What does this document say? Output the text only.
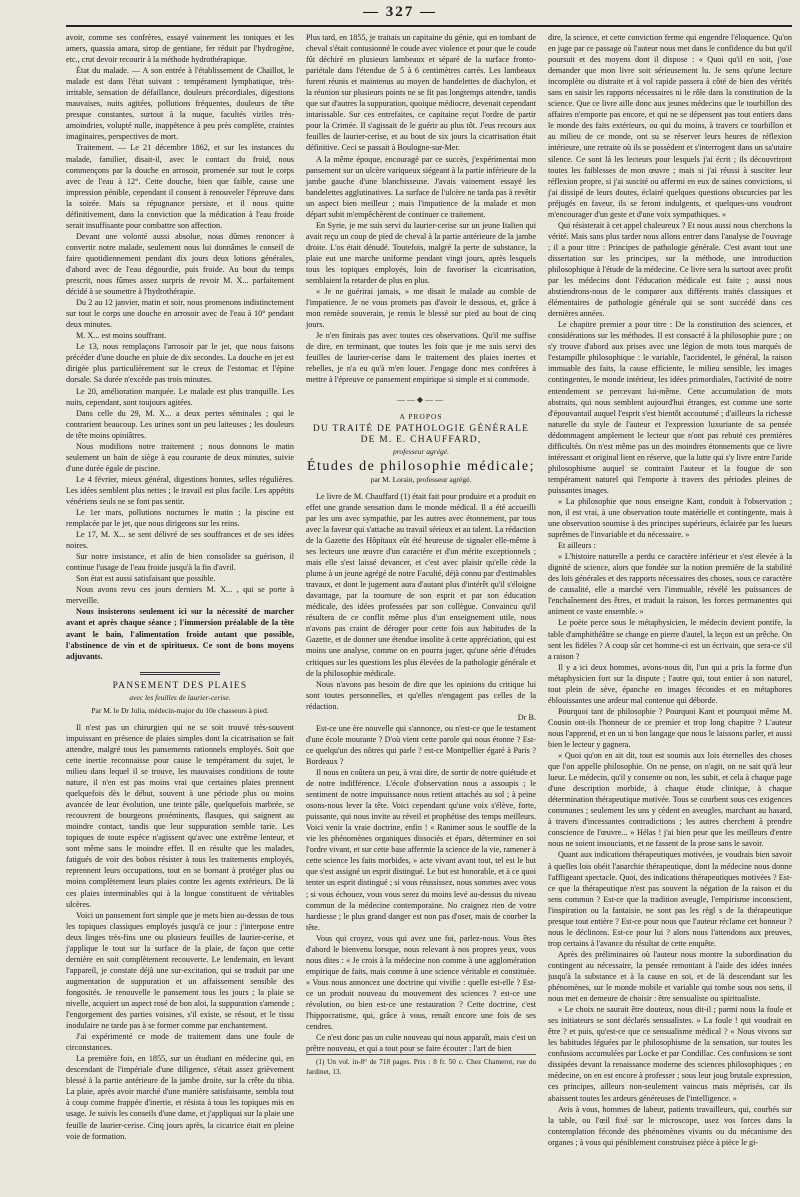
— 327 —

avoir, comme ses confrères, essayé vainement les toniques et les amers, quassia amara, sirop de gentiane, fer réduit par l'hydrogène, etc., crut devoir recourir à la méthode hydrothérapique.

État du malade. — A son entrée à l'établissement de Chaillot, le malade est dans l'état suivant : tempérament lymphatique, très-irritable, sensation de défaillance, douleurs précordiales, digestions mauvaises, nuits agitées, pollutions fréquentes, douleurs de tête presque constantes, surtout à la nuque, facultés viriles très-amoindries, volupté nulle, inappétence à peu près complète, craintes imaginaires, perspectives de mort.

Traitement. — Le 21 décembre 1862, et sur les instances du malade, familier, disait-il, avec le contact du froid, nous commençons par la douche en arrosoir, promenée sur tout le corps avec de l'eau à 12°. Cette douche, bien que faible, cause une impression pénible, cependant il consent à renouveler l'épreuve dans la soirée. Mais sa répugnance persiste, et il nous quitte définitivement, dans la conviction que la médication à l'eau froide serait insuffisante pour combattre son affection.

Devant une volonté aussi absolue, nous dûmes renoncer à convertir notre malade, seulement nous lui donnâmes le conseil de faire quotidiennement pendant dix jours deux lotions générales, d'abord avec de l'eau dégourdie, puis froide. Au bout du temps prescrit, nous fûmes assez surpris de revoir M. X... parfaitement décidé à se soumettre à l'hydrothérapie.

Du 2 au 12 janvier, matin et soir, nous promenons indistinctement sur tout le corps une douche en arrosoir avec de l'eau à 10° pendant deux minutes.

M. X... est moins souffrant.

Le 13, nous remplaçons l'arrosoir par le jet, que nous faisons précéder d'une douche en pluie de dix secondes. La douche en jet est dirigée plus particulièrement sur le creux de l'estomac et l'épine dorsale. Sa durée n'excède pas trois minutes.

Le 20, amélioration marquée. Le malade est plus tranquille. Les nuits, cependant, sont toujours agitées.

Dans celle du 29, M. X... a deux pertes séminales ; qui le contrarient beaucoup. Les urines sont un peu laiteuses ; les douleurs de tête moins opiniâtres.

Nous modifions notre traitement ; nous donnons le matin seulement un bain de siège à eau courante de deux minutes, suivie d'une durée égale de piscine.

Le 4 février, mieux général, digestions bonnes, selles régulières. Les idées semblent plus nettes ; le travail est plus facile. Les appétits vénériens seuls ne se font pas sentir.

Le 1er mars, pollutions nocturnes le matin ; la piscine est remplacée par le jet, que nous dirigeons sur les reins.

Le 17, M. X... se sent délivré de ses souffrances et de ses idées noires.

Sur notre insistance, et afin de bien consolider sa guérison, il continue l'usage de l'eau froide jusqu'à la fin d'avril.

Son état est aussi satisfaisant que possible.

Nous avons revu ces jours derniers M. X... , qui se porte à merveille.

Nous insisterons seulement ici sur la nécessité de marcher avant et après chaque séance ; l'immersion préalable de la tête avant le bain, l'alimentation froide autant que possible, l'abstinence de vin et de spiritueux. Ce sont de bons moyens adjuvants.

PANSEMENT DES PLAIES
avec les feuilles de laurier-cerise.
Par M. le Dr Julia, médecin-major du 10e chasseurs à pied.

Il n'est pas un chirurgien qui ne se soit trouvé très-souvent impuissant en présence de plaies simples dont la cicatrisation se fait attendre, malgré tous les pansements rationnels employés. Soit que cette inertie reconnaisse pour cause le tempérament du sujet, le milieu dans lequel il se trouve, les mauvaises conditions de toute nature, il n'en est pas moins vrai que certaines plaies prennent quelquefois dès le début, souvent à une période plus ou moins avancée de leur évolution, une teinte pâle, quelquefois marbrée, se recouvrent de bourgeons proéminents, flasques, qui saignent au moindre contact, tandis que leur suppuration semble tarie. Les topiques de toute espèce n'agissent qu'avec une extrême lenteur, et sont même sans le moindre effet. Il en résulte que les malades, fatigués de voir des bobos résister à tous les traitements employés, reprennent leurs occupations, tout en se bornant à protéger plus ou moins complètement leurs plaies contre les agents extérieurs. De là ces plaies interminables qui à la longue constituent de véritables ulcères.

Voici un pansement fort simple que je mets bien au-dessus de tous les topiques classiques employés jusqu'à ce jour : j'interpose entre deux linges très-fins une ou plusieurs feuilles de laurier-cerise, et j'applique le tout sur la surface de la plaie, de façon que cette dernière en soit complètement recouverte. Le lendemain, en levant l'appareil, je constate déjà une sur-excitation, qui se traduit par une augmentation de suppuration et un affaissement sensible des fongosités. Je renouvelle le pansement tous les jours ; la plaie se nivelle, acquiert un aspect rosé de bon aloi, la suppuration s'amende ; l'engorgement des parties voisines, s'il existe, se résout, et le tissu inodulaire ne tarde pas à se former comme par enchantement.

J'ai expérimenté ce mode de traitement dans une foule de circonstances.

La première fois, en 1855, sur un étudiant en médecine qui, en descendant de l'impériale d'une diligence, s'était assez grièvement blessé à la partie antérieure de la jambe droite, sur la crête du tibia. La plaie, après avoir marché d'une manière satisfaisante, sembla tout à coup comme frappée d'inertie, et résista à tous les topiques mis en usage. Je suivis les conseils d'une dame, et j'appliquai sur la plaie une feuille de laurier-cerise. Cinq jours après, la cicatrice était en pleine voie de formation.

Plus tard, en 1855, je traitais un capitaine du génie, qui en tombant de cheval s'était contusionné le coude avec violence et pour que le coude fût déchiré en plusieurs lambeaux et séparé de la surface fronto-pariétale dans l'étendue de 5 à 6 centimètres carrés. Les lambeaux furent réunis et maintenus au moyen de bandelettes de diachylon, et la réunion sur plusieurs points ne se fit pas longtemps attendre, tandis que sur d'autres la suppuration, quoique médiocre, devenait cependant intarissable. Sur ces entrefaites, ce capitaine reçut l'ordre de partir pour la Crimée. Il s'agissait de le guérir au plus tôt. J'eus recours aux feuilles de laurier-cerise, et au bout de six jours la cicatrisation était définitive. Ceci se passait à Boulogne-sur-Mer.

A la même époque, encouragé par ce succès, j'expérimentai mon pansement sur un ulcère variqueux siégeant à la partie inférieure de la jambe gauche d'une blanchisseuse. J'avais vainement essayé les bandelettes agglutinatives. La surface de l'ulcère ne tarda pas à revêtir un aspect bien meilleur ; mais l'impatience de la malade et mon départ subit m'empêchèrent de continuer ce traitement.

En Syrie, je me suis servi du laurier-cerise sur un jeune Italien qui avait reçu un coup de pied de cheval à la partie antérieure de la jambe droite. L'os était dénudé. Toutefois, malgré la perte de substance, la plaie eut une marche uniforme pendant vingt jours, après lesquels tous les topiques employés, loin de favoriser la cicatrisation, semblaient la retarder de plus en plus.

« Je ne guérirai jamais, » me disait le malade au comble de l'impatience. Je ne vous promets pas d'avoir le dessous, et, grâce à mon remède souverain, je remis le blessé sur pied au bout de cinq jours.

Je n'en finirais pas avec toutes ces observations. Qu'il me suffise de dire, en terminant, que toutes les fois que je me suis servi des feuilles de laurier-cerise dans le traitement des plaies inertes et rebelles, je n'a eu qu'à m'en louer. J'engage donc mes confrères à mettre à l'épreuve ce pansement empirique si simple et si commode.

——◆——
A PROPOS
DU TRAITÉ DE PATHOLOGIE GÉNÉRALE DE M. E. CHAUFFARD,
professeur agrégé.
Études de philosophie médicale;
par M. Lorain, professeur agrégé.

Le livre de M. Chauffard (1) était fait pour produire et a produit en effet une grande sensation dans le monde médical. Il a été accueilli par les uns avec sympathie, par les autres avec étonnement, par tous avec la faveur qui s'attache au travail sérieux et au talent. La rédaction de la Gazette des Hôpitaux eût été heureuse de signaler elle-même à ses lecteurs une œuvre d'un caractère et d'un mérite exceptionnels ; mais elle s'est laissé devancer, et c'est avec plaisir qu'elle cède la plume à un jeune agrégé de notre Faculté, déjà connu par d'estimables travaux, et dont le jugement aura d'autant plus d'intérêt qu'il s'éloigne davantage, par la tournure de son esprit et par son éducation médicale, des idées professées par son collègue. Convaincu qu'il résultera de ce conflit même plus d'un enseignement utile, nous n'avons pas craint de déroger pour cette fois aux habitudes de la Gazette, et de donner une étendue insolite à cette appréciation, qui est moins une analyse, comme on en pourra juger, qu'une série d'études critiques sur les questions les plus élevées de la pathologie générale et de la philosophie médicale.

Nous n'avons pas besoin de dire que les opinions du critique lui sont toutes personnelles, et qu'elles n'engagent pas celles de la rédaction.

Dr B.

Est-ce une ère nouvelle qui s'annonce, ou n'est-ce que le testament d'une école mourante ? D'où vient cette parole qui nous étonne ? Est-ce quelqu'un des nôtres qui parle ? est-ce Montpellier égaré à Paris ? Bordeaux ?

Il nous en coûtera un peu, à vrai dire, de sortir de notre quiétude et de notre indifférence. L'école d'observation nous a assoupis ; le sentiment de notre impuissance nous retient attachés au sol ; à peine osons-nous lever la tête. Voici cependant qu'une voix s'élève, forte, puissante, qui nous invite au réveil et prophétise des temps meilleurs. Voici venir la vraie doctrine, enfin ! « Ranimer sous le souffle de la vie les phénomènes organiques dissociés et épars, déterminer en soi l'ordre vivant, et sur cette base affermie la science de la vie, ramener à cette science les faits morbides, » acte vivant avant tout, tel est le but que s'est assigné un esprit distingué. Le but est honorable, et à ce quoi tenter un esprit distingué ; si vous réussissez, nous sommes avec vous ; si vous échouez, vous vous serez du moins levé au-dessus du niveau commun de la médecine contemporaine. No craignez rien de votre hardiesse ; le plus grand danger est non pas d'oser, mais de courber la tête.

Vous qui croyez, vous qui avez une foi, parlez-nous. Vous êtes d'abord le bienvenu lorsque, nous relevant à nos propres yeux, vous nous dites : « Je crois à la médecine non comme à une agglomération empirique de faits, mais comme à une science véritable et constituée. » Vous nous annoncez une doctrine qui vivifie : quelle est-elle ? Est-ce un produit nouveau du mouvement des sciences ? est-ce une révolution, ou bien est-ce une restauration ? Cette doctrine, c'est l'hippocratisme, qui, grâce à vous, renaît encore une fois de ses cendres.

Ce n'est donc pas un culte nouveau qui nous apparaît, mais c'est un prêtre nouveau, et qui a tout pour se faire écouter : l'art de bien

(1) Un vol. in-8° de 718 pages. Prix : 8 fr. 50 c. Chez Chamerot, rue du Jardinet, 13.

dire, la science, et cette conviction ferme qui engendre l'éloquence. Qu'on en juge par ce passage où l'auteur nous met dans le confidence du but qu'il poursuit et des moyens dont il dispose : « Quoi qu'il en soit, j'ose demander que mon livre soit sérieusement lu. Je sens qu'une lecture incomplète ou distraite et à vol rapide passera à côté de bien des vérités sans en saisir les rapports nécessaires ni le rôle dans la constitution de la science. Que ce livre aille donc aux jeunes médecins que le tourbillon des affaires n'emporte pas encore, et qui ne se dépensent pas tout entiers dans le monde des faits extérieurs, ou qui du moins, à travers ce tourbillon et au milieu de ce monde, ont su se réserver leurs heures de réflexion intérieure, une retraite où ils se possèdent et s'interrogent dans un sa'utaire silence. Ce sont là les lecteurs pour lesquels j'ai écrit ; ils découvriront toutes les faiblesses de mon œuvre ; mais si j'ai réussi à susciter leur réflexion propre, si j'ai suscité ou affermi en eux de saines convictions, si j'ai dissipé de leurs doutes, éclairé quelques questions obscurcies par les préjugés en faveur, ils se feront indulgents, et quelques-uns voudront m'encourager d'un geste et d'une voix sympathiques. »

Qui résisterait à cet appel chaleureux ? Et nous aussi nous cherchons la vérité. Mais sans plus tarder nous allons entrer dans l'analyse de l'ouvrage ; il a pour titre : Principes de pathologie générale. C'est avant tout une dissertation sur les principes, sur la méthode, une introduction philosophique à l'étude de la médecine. Ce livre sera lu surtout avec profit par les médecins dont l'éducation médicale est faite ; aussi nous abstiendrons-nous de le comparer aux différents traités classiques et élémentaires de pathologie générale qui se sont succédé dans ces dernières années.

Le chapitre premier a pour titre : De la constitution des sciences, et considérations sur les méthodes. Il est consacré à la philosophie pure ; on s'y trouve d'abord aux prises avec une légion de mots tous marqués de l'estampille philosophique : le variable, l'accidentel, le général, la raison immuable des faits, la cause efficiente, le milieu sensible, les images contingentes, le monde intérieur, les idées primordiales, l'activité de notre entendement se percevant lui-même. Cette accumulation de mots abstraits, qui nous semblent aujourd'hui étranges, est comme une sorte d'épouvantail auquel l'esprit s'est bientôt accoutumé ; d'ailleurs la richesse naturelle du style de l'auteur et l'expression luxuriante de sa pensée dédommagent amplement le lecteur que n'ont pas rebuté ces premières difficultés. On n'est même pas un des moindres étonnements que ce livre intéressant et original lient en réserve, que la lutte qui s'y livre entre l'aride philosophisme auquel se contraint l'auteur et la fougue de son tempérament naturel qui l'emporte à travers des périodes pleines de puissantes images.

« La philosophie que nous enseigne Kant, conduit à l'observation ; non, il est vrai, à une observation toute matérielle et contingente, mais à une observation soumise à des principes supérieurs, éclairée par les lueurs suprêmes de l'invariable et du nécessaire. »

Et ailleurs :

« L'histoire naturelle a perdu ce caractère inférieur et s'est élevée à la dignité de science, alors que fondée sur la notion première de la stabilité des lois générales et des rapports nécessaires des choses, sous ce caractère de causalité, elle a marché vers l'immuable, révélé les puissances de l'enchaînement des êtres, et traduit la raison, les forces permanentes qui animent ce vaste ensemble. »

Le poète perce sous le métaphysicien, le médecin devient pontife, la table d'amphithéâtre se change en pierre d'autel, la leçon est un prêche. On sent les fidèles ? A coup sûr cet homme-ci est un écrivain, que sera-ce s'il a raison ?

Il y a ici deux hommes, avons-nous dit, l'un qui a pris la forme d'un métaphysicien fort sur la dispute ; l'autre qui, tout entier à son naturel, tout plein de sève, épanche en images fécondes et en métaphores éblouissantes une ardeur mal contenue qui déborde.

Pourquoi tant de philosophie ? Pourquoi Kant et pourquoi même M. Cousin ont-ils l'honneur de ce premier et trop long chapitre ? L'auteur nous l'apprend, et en un si bon langage que nous le laissons parler, et aussi bien le lecteur y gagnera.

« Quoi qu'on en ait dit, tout est soumis aux lois éternelles des choses que l'on appelle philosophie. On ne pense, on n'agit, on ne sait qu'à leur lueur. Le médecin, qu'il y consente ou non, les subit, et cela à chaque page d'une description morbide, à chaque étude clinique, à chaque détermination thérapeutique motivée. Tous se courbent sous ces exigences communes ; seulement les uns y cèdent en aveugles, marchant au hasard, à travers d'incessantes contradictions ; les autres cherchent à prendre conscience de l'œuvre... » Hélas ! j'ai bien peur que les meilleurs d'entre nous ne soient insouciants, et ne fassent de la prose sans le savoir.

Quant aux indications thérapeutiques motivées, je voudrais bien savoir à quelles lois obéit l'anarchie thérapeutique, dont la médecine nous donne l'affligeant spectacle. Quoi, des indications thérapeutiques motivées ? Est-ce que la thérapeutique n'est pas souvent la négation de la raison et du sens commun ? Est-ce que la tradition aveugle, l'empirisme inconscient, l'inspiration ou la fantaisie, ne sont pas les règl s de la thérapeutique presque tout entière ? Est-ce pour nous que l'auteur réclame cet honneur ? nous le déclinons. Est-ce pour lui ? alors nous l'attendons aux preuves, trop certains à l'avance du résultat de cette enquête.

Après des préliminaires où l'auteur nous montre la subordination du contingent au nécessaire, la pensée remontant à l'aide des idées innées jusqu'à la substance et à la cause en soi, et de là descendant sur les phénomènes, sur le monde mobile et variable qui tombe sous nos sens, il nous met en demeure de choisir : être sensualiste ou spiritualiste.

« Le choix ne saurait être douteux, nous dit-il ; parmi nous la foule et ses initiateurs se sont déclarés sensualistes. » La foule ! qui voudrait en être ? et puis, qu'est-ce que ce sensualisme médical ? « Nous vivons sur les habitudes léguées par le philosophisme de la sensation, sur toutes les confusions accumulées par Locke et par Condillac. Ces confusions se sont dissipées devant la renaissance moderne des sciences philosophiques ; en médecine, on en est encore à professer ; sous leur joug brutale expression, ces principes, ailleurs non-seulement vaincus mais méprisés, car ils abaissent toutes les ardeurs généreuses de l'intelligence. »

Avis à vous, hommes de labeur, patients travailleurs, qui, courbés sur la table, ou l'œil fixé sur le microscope, usez vos forces dans la contemplation féconde des phénomènes vivants ou du mécanisme des organes ; à vous qui péniblement construisez pièce à pièce le gi-
